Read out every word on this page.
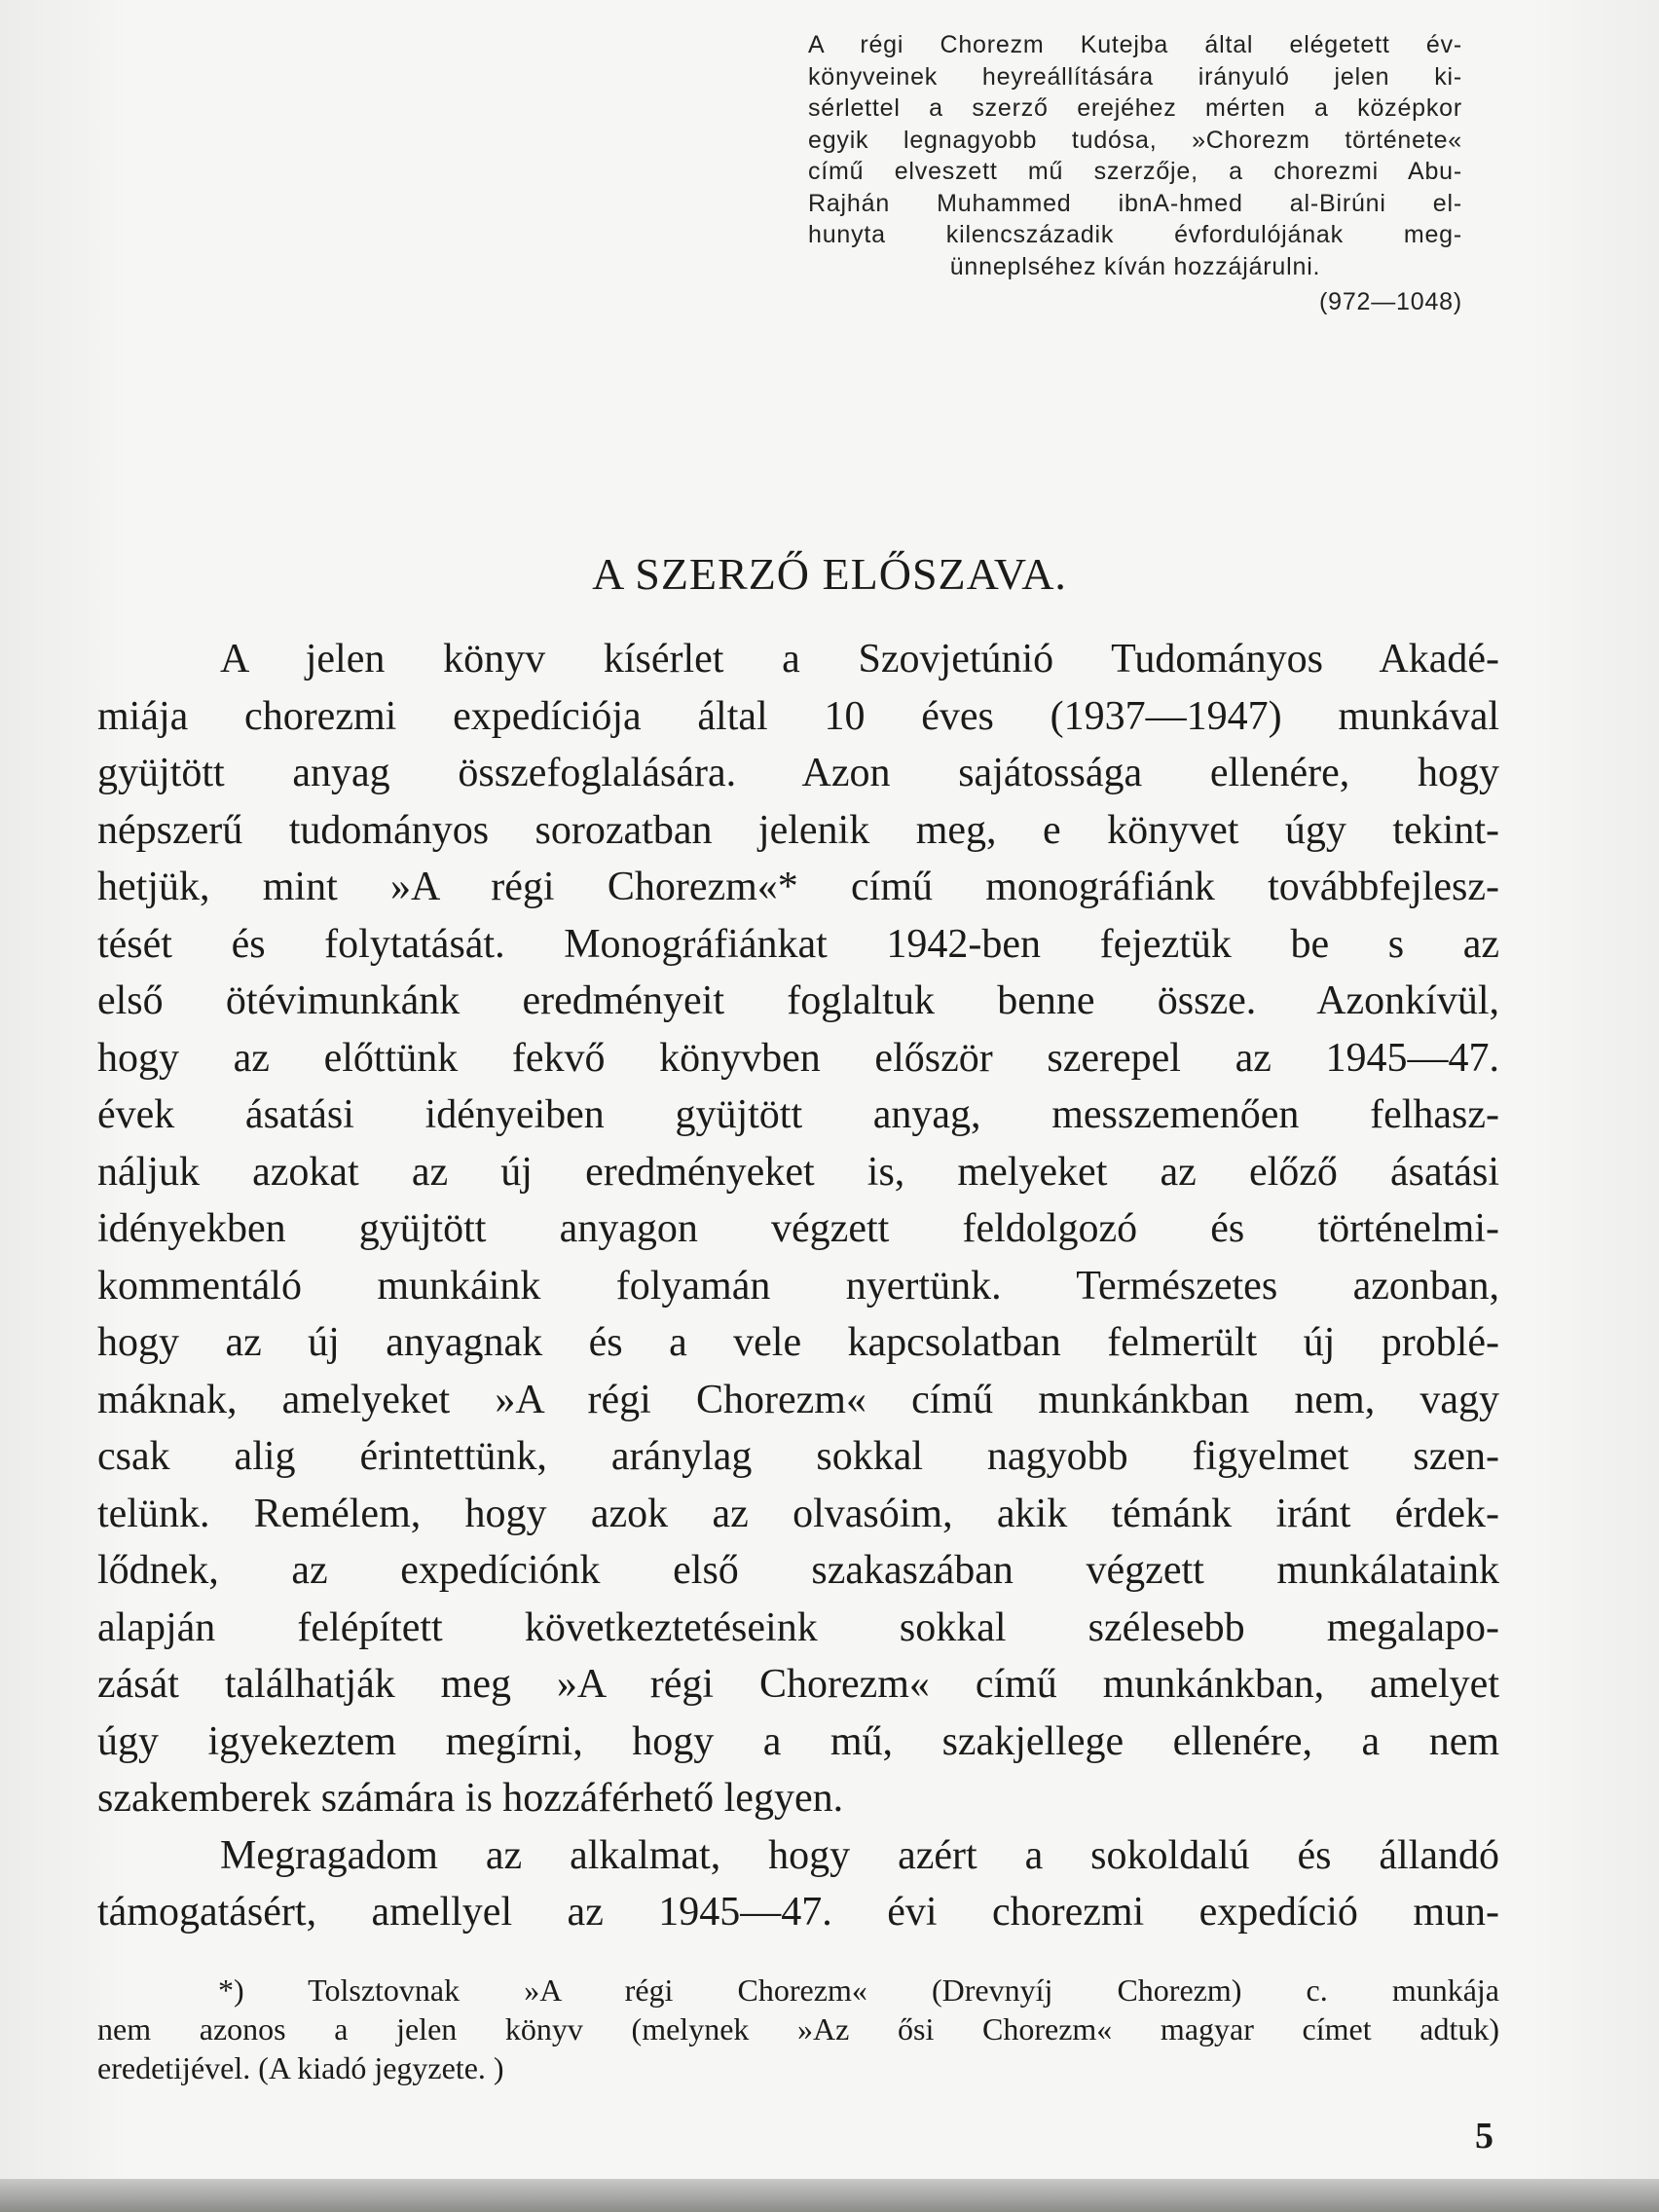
A régi Chorezm Kutejba által elégetett év-
könyveinek heyreállítására irányuló jelen ki-
sérlettel a szerző erejéhez mérten a középkor
egyik legnagyobb tudósa, »Chorezm története«
című elveszett mű szerzője, a chorezmi Abu-
Rajhán Muhammed ibnA-hmed al-Birúni el-
hunyta kilencszázadik évfordulójának meg-
ünneplséhez kíván hozzájárulni.
(972—1048)
A SZERZŐ ELŐSZAVA.

A jelen könyv kísérlet a Szovjetúnió Tudományos Akadé-
miája chorezmi expedíciója által 10 éves (1937—1947) munkával
gyüjtött anyag összefoglalására. Azon sajátossága ellenére, hogy
népszerű tudományos sorozatban jelenik meg, e könyvet úgy tekint-
hetjük, mint »A régi Chorezm«* című monográfiánk továbbfejlesz-
tését és folytatását. Monográfiánkat 1942-ben fejeztük be s az
első ötévimunkánk eredményeit foglaltuk benne össze. Azonkívül,
hogy az előttünk fekvő könyvben először szerepel az 1945—47.
évek ásatási idényeiben gyüjtött anyag, messzemenően felhasz-
náljuk azokat az új eredményeket is, melyeket az előző ásatási
idényekben gyüjtött anyagon végzett feldolgozó és történelmi-
kommentáló munkáink folyamán nyertünk. Természetes azonban,
hogy az új anyagnak és a vele kapcsolatban felmerült új problé-
máknak, amelyeket »A régi Chorezm« című munkánkban nem, vagy
csak alig érintettünk, aránylag sokkal nagyobb figyelmet szen-
telünk. Remélem, hogy azok az olvasóim, akik témánk iránt érdek-
lődnek, az expedíciónk első szakaszában végzett munkálataink
alapján felépített következtetéseink sokkal szélesebb megalapo-
zását találhatják meg »A régi Chorezm« című munkánkban, amelyet
úgy igyekeztem megírni, hogy a mű, szakjellege ellenére, a nem
szakemberek számára is hozzáférhető legyen.

Megragadom az alkalmat, hogy azért a sokoldalú és állandó
támogatásért, amellyel az 1945—47. évi chorezmi expedíció mun-

*) Tolsztovnak »A régi Chorezm« (Drevnyíj Chorezm) c. munkája
nem azonos a jelen könyv (melynek »Az ősi Chorezm« magyar címet adtuk)
eredetijével. (A kiadó jegyzete. )
5
